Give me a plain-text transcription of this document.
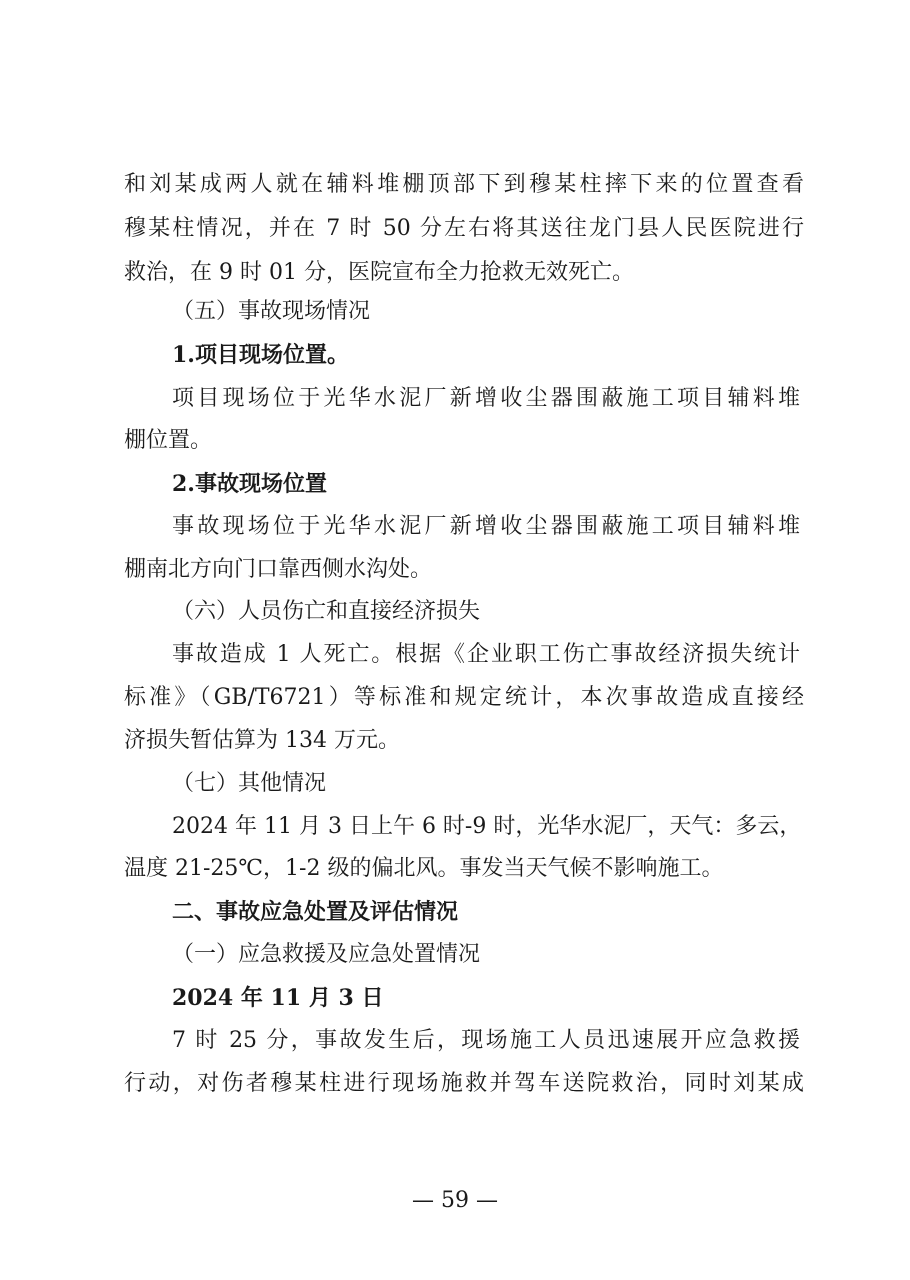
和刘某成两人就在辅料堆棚顶部下到穆某柱摔下来的位置查看
穆某柱情况，并在 7 时 50 分左右将其送往龙门县人民医院进行
救治，在 9 时 01 分，医院宣布全力抢救无效死亡。
（五）事故现场情况
1.项目现场位置。
项目现场位于光华水泥厂新增收尘器围蔽施工项目辅料堆
棚位置。
2.事故现场位置
事故现场位于光华水泥厂新增收尘器围蔽施工项目辅料堆
棚南北方向门口靠西侧水沟处。
（六）人员伤亡和直接经济损失
事故造成 1 人死亡。根据《企业职工伤亡事故经济损失统计
标准》（GB/T6721）等标准和规定统计，本次事故造成直接经
济损失暂估算为 134 万元。
（七）其他情况
2024 年 11 月 3 日上午 6 时-9 时，光华水泥厂，天气：多云，
温度 21-25℃，1-2 级的偏北风。事发当天气候不影响施工。
二、事故应急处置及评估情况
（一）应急救援及应急处置情况
2024 年 11 月 3 日
7 时 25 分，事故发生后，现场施工人员迅速展开应急救援
行动，对伤者穆某柱进行现场施救并驾车送院救治，同时刘某成
— 59 —
